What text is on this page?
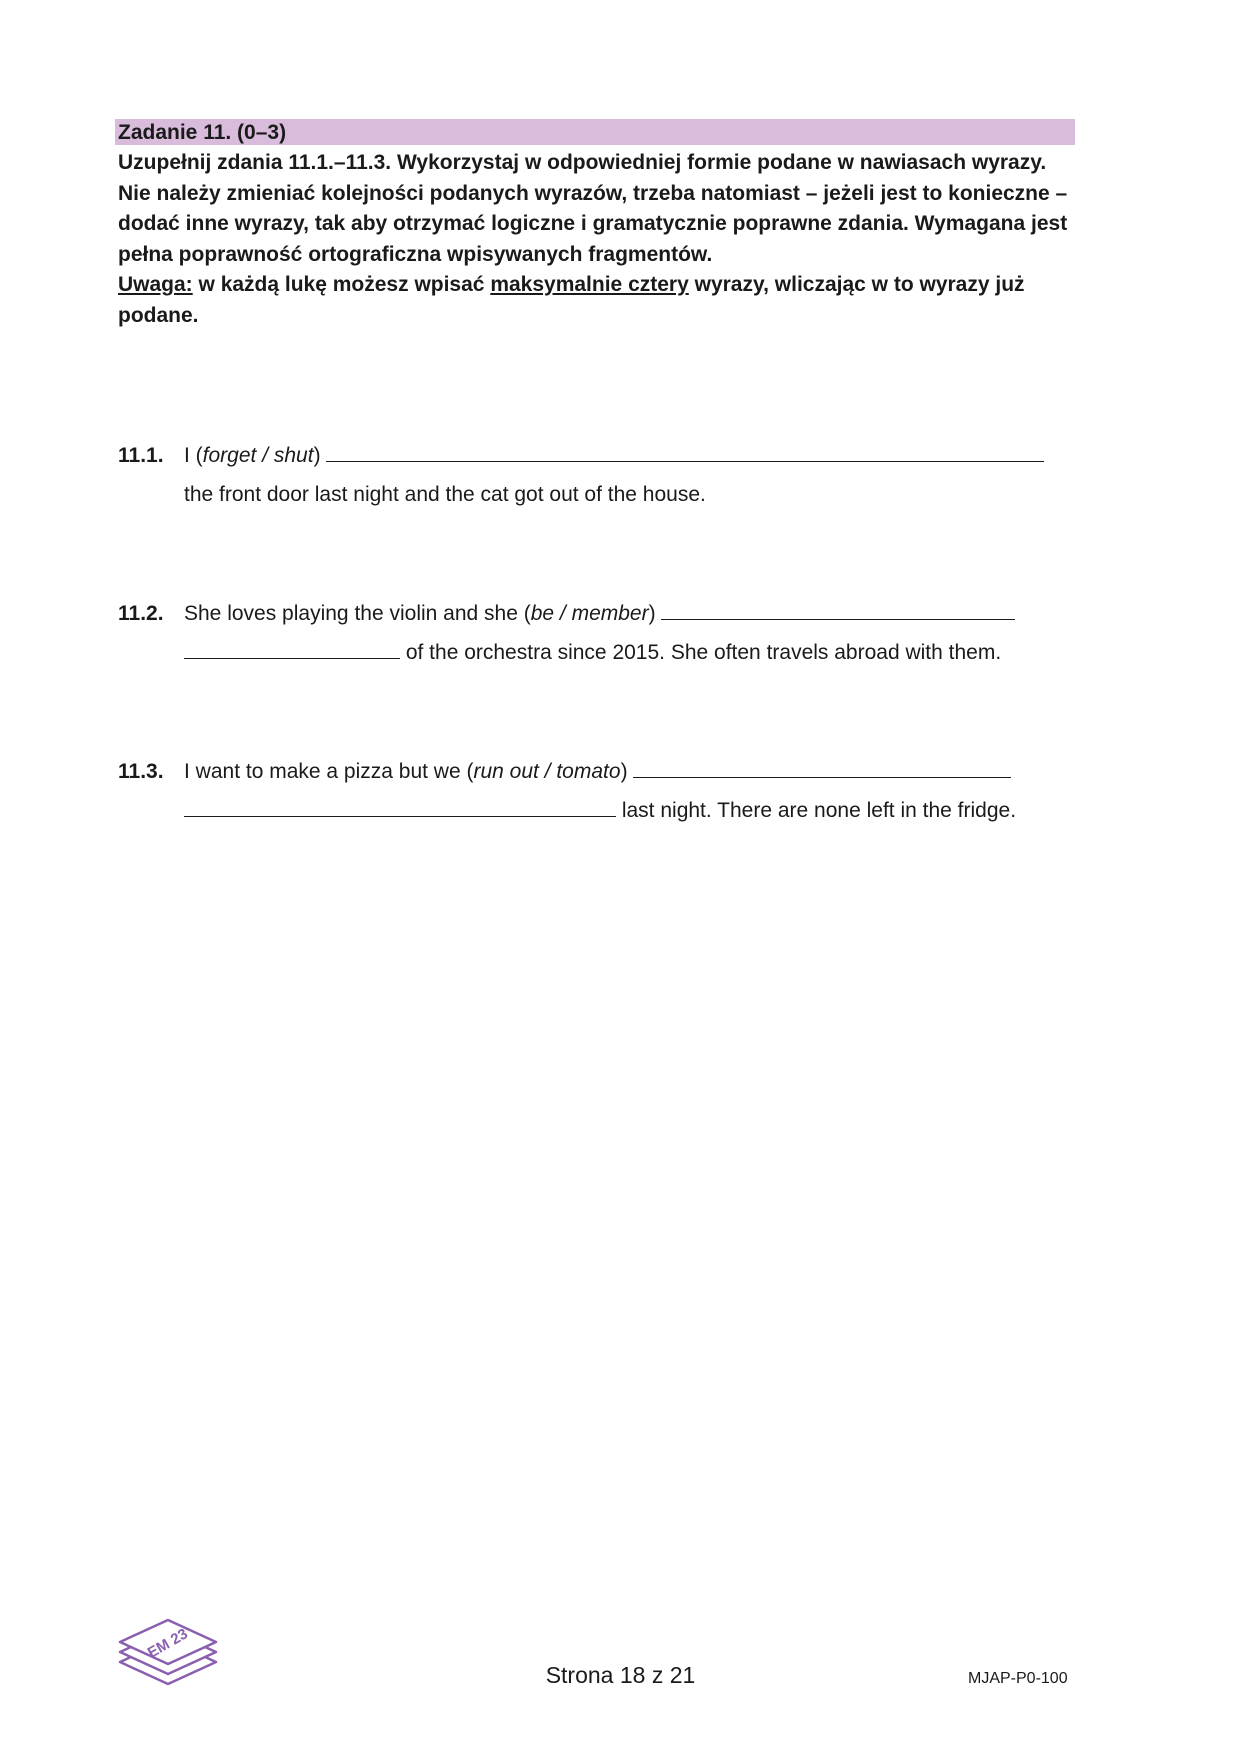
Zadanie 11. (0–3)

Uzupełnij zdania 11.1.–11.3. Wykorzystaj w odpowiedniej formie podane w nawiasach wyrazy. Nie należy zmieniać kolejności podanych wyrazów, trzeba natomiast – jeżeli jest to konieczne – dodać inne wyrazy, tak aby otrzymać logiczne i gramatycznie poprawne zdania. Wymagana jest pełna poprawność ortograficzna wpisywanych fragmentów.

Uwaga: w każdą lukę możesz wpisać maksymalnie cztery wyrazy, wliczając w to wyrazy już podane.

11.1. I (forget / shut)
the front door last night and the cat got out of the house.
11.2. She loves playing the violin and she (be / member)
of the orchestra since 2015. She often travels abroad with them.
11.3. I want to make a pizza but we (run out / tomato)
last night. There are none left in the fridge.
EM 23
Strona 18 z 21	MJAP-P0-100
